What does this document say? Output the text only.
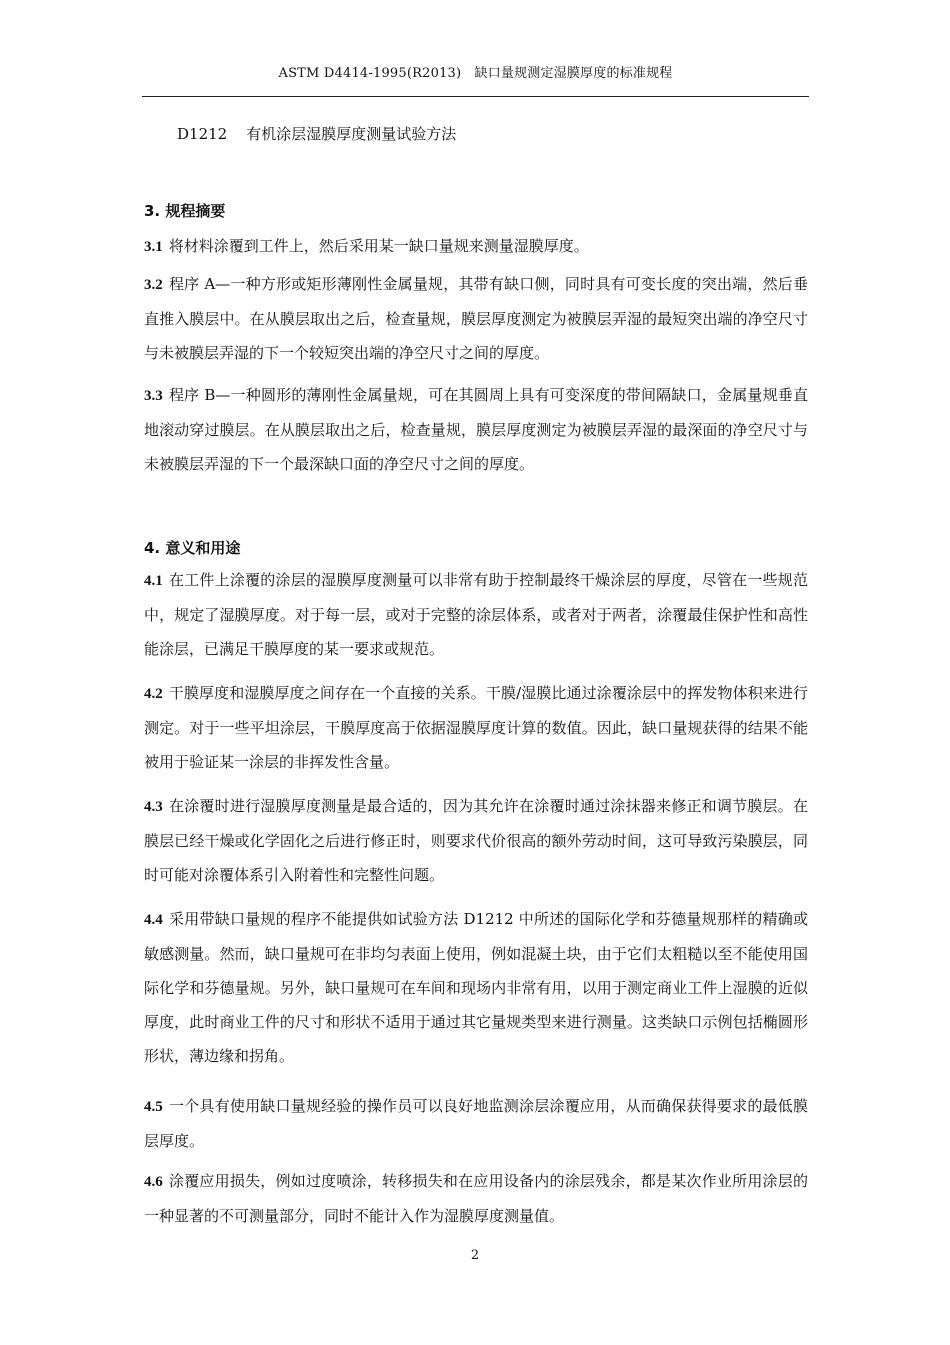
ASTM D4414-1995(R2013)　缺口量规测定湿膜厚度的标准规程
D1212 有机涂层湿膜厚度测量试验方法
3. 规程摘要
3.1 将材料涂覆到工件上，然后采用某一缺口量规来测量湿膜厚度。
3.2 程序 A—一种方形或矩形薄刚性金属量规，其带有缺口侧，同时具有可变长度的突出端，然后垂直推入膜层中。在从膜层取出之后，检查量规，膜层厚度测定为被膜层弄湿的最短突出端的净空尺寸与未被膜层弄湿的下一个较短突出端的净空尺寸之间的厚度。
3.3 程序 B—一种圆形的薄刚性金属量规，可在其圆周上具有可变深度的带间隔缺口，金属量规垂直地滚动穿过膜层。在从膜层取出之后，检查量规，膜层厚度测定为被膜层弄湿的最深面的净空尺寸与未被膜层弄湿的下一个最深缺口面的净空尺寸之间的厚度。
4. 意义和用途
4.1 在工件上涂覆的涂层的湿膜厚度测量可以非常有助于控制最终干燥涂层的厚度，尽管在一些规范中，规定了湿膜厚度。对于每一层，或对于完整的涂层体系，或者对于两者，涂覆最佳保护性和高性能涂层，已满足干膜厚度的某一要求或规范。
4.2 干膜厚度和湿膜厚度之间存在一个直接的关系。干膜/湿膜比通过涂覆涂层中的挥发物体积来进行测定。对于一些平坦涂层，干膜厚度高于依据湿膜厚度计算的数值。因此，缺口量规获得的结果不能被用于验证某一涂层的非挥发性含量。
4.3 在涂覆时进行湿膜厚度测量是最合适的，因为其允许在涂覆时通过涂抹器来修正和调节膜层。在膜层已经干燥或化学固化之后进行修正时，则要求代价很高的额外劳动时间，这可导致污染膜层，同时可能对涂覆体系引入附着性和完整性问题。
4.4 采用带缺口量规的程序不能提供如试验方法 D1212 中所述的国际化学和芬德量规那样的精确或敏感测量。然而，缺口量规可在非均匀表面上使用，例如混凝土块，由于它们太粗糙以至不能使用国际化学和芬德量规。另外，缺口量规可在车间和现场内非常有用，以用于测定商业工件上湿膜的近似厚度，此时商业工件的尺寸和形状不适用于通过其它量规类型来进行测量。这类缺口示例包括椭圆形形状，薄边缘和拐角。
4.5 一个具有使用缺口量规经验的操作员可以良好地监测涂层涂覆应用，从而确保获得要求的最低膜层厚度。
4.6 涂覆应用损失，例如过度喷涂，转移损失和在应用设备内的涂层残余，都是某次作业所用涂层的一种显著的不可测量部分，同时不能计入作为湿膜厚度测量值。
2
